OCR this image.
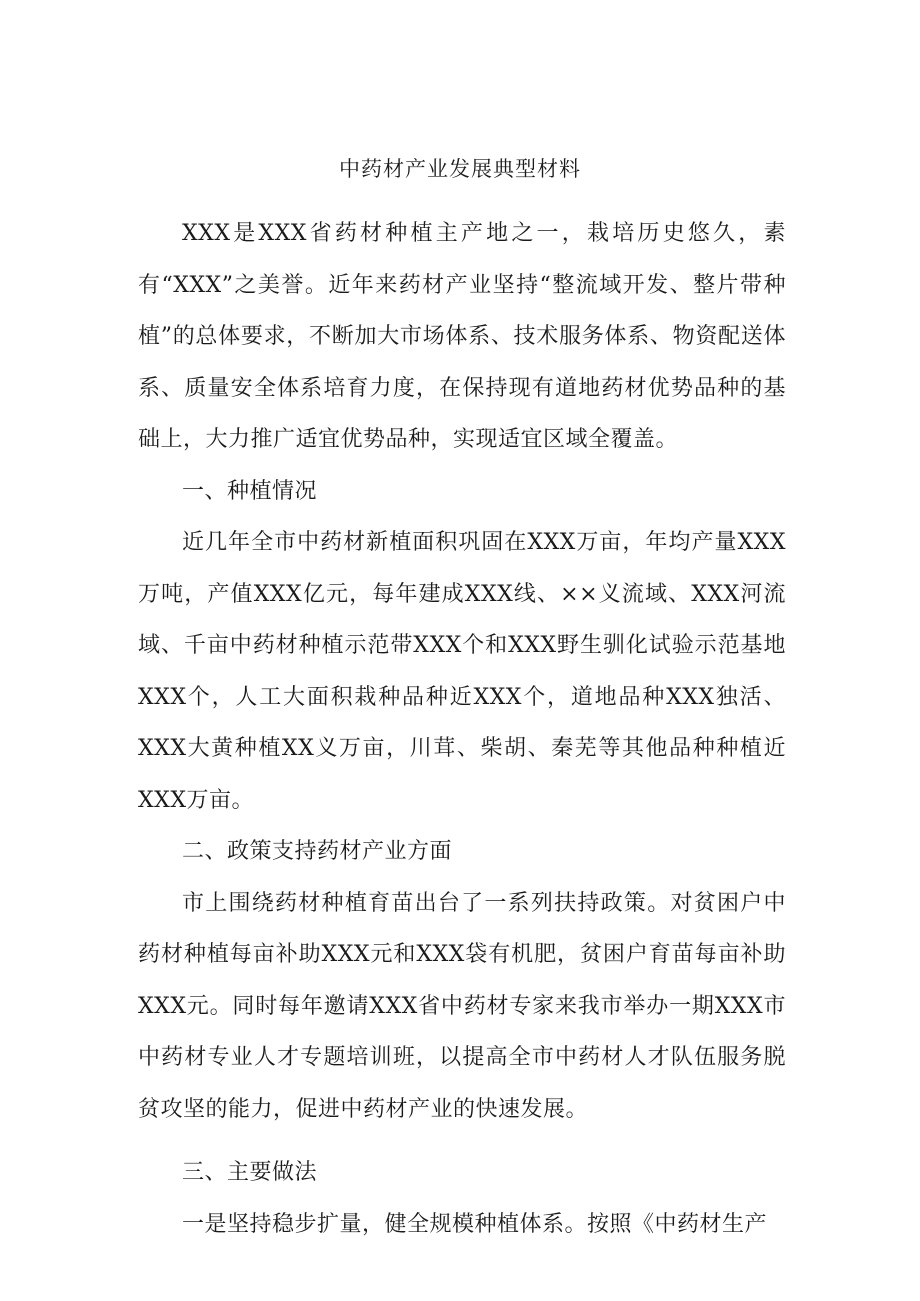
中药材产业发展典型材料

XXX是XXX省药材种植主产地之一，栽培历史悠久，素有“XXX”之美誉。近年来药材产业坚持“整流域开发、整片带种植”的总体要求，不断加大市场体系、技术服务体系、物资配送体系、质量安全体系培育力度，在保持现有道地药材优势品种的基础上，大力推广适宜优势品种，实现适宜区域全覆盖。

一、种植情况

近几年全市中药材新植面积巩固在XXX万亩，年均产量XXX万吨，产值XXX亿元，每年建成XXX线、××义流域、XXX河流域、千亩中药材种植示范带XXX个和XXX野生驯化试验示范基地XXX个，人工大面积栽种品种近XXX个，道地品种XXX独活、XXX大黄种植XX义万亩，川茸、柴胡、秦芜等其他品种种植近XXX万亩。

二、政策支持药材产业方面

市上围绕药材种植育苗出台了一系列扶持政策。对贫困户中药材种植每亩补助XXX元和XXX袋有机肥，贫困户育苗每亩补助XXX元。同时每年邀请XXX省中药材专家来我市举办一期XXX市中药材专业人才专题培训班，以提高全市中药材人才队伍服务脱贫攻坚的能力，促进中药材产业的快速发展。

三、主要做法

一是坚持稳步扩量，健全规模种植体系。按照《中药材生产
